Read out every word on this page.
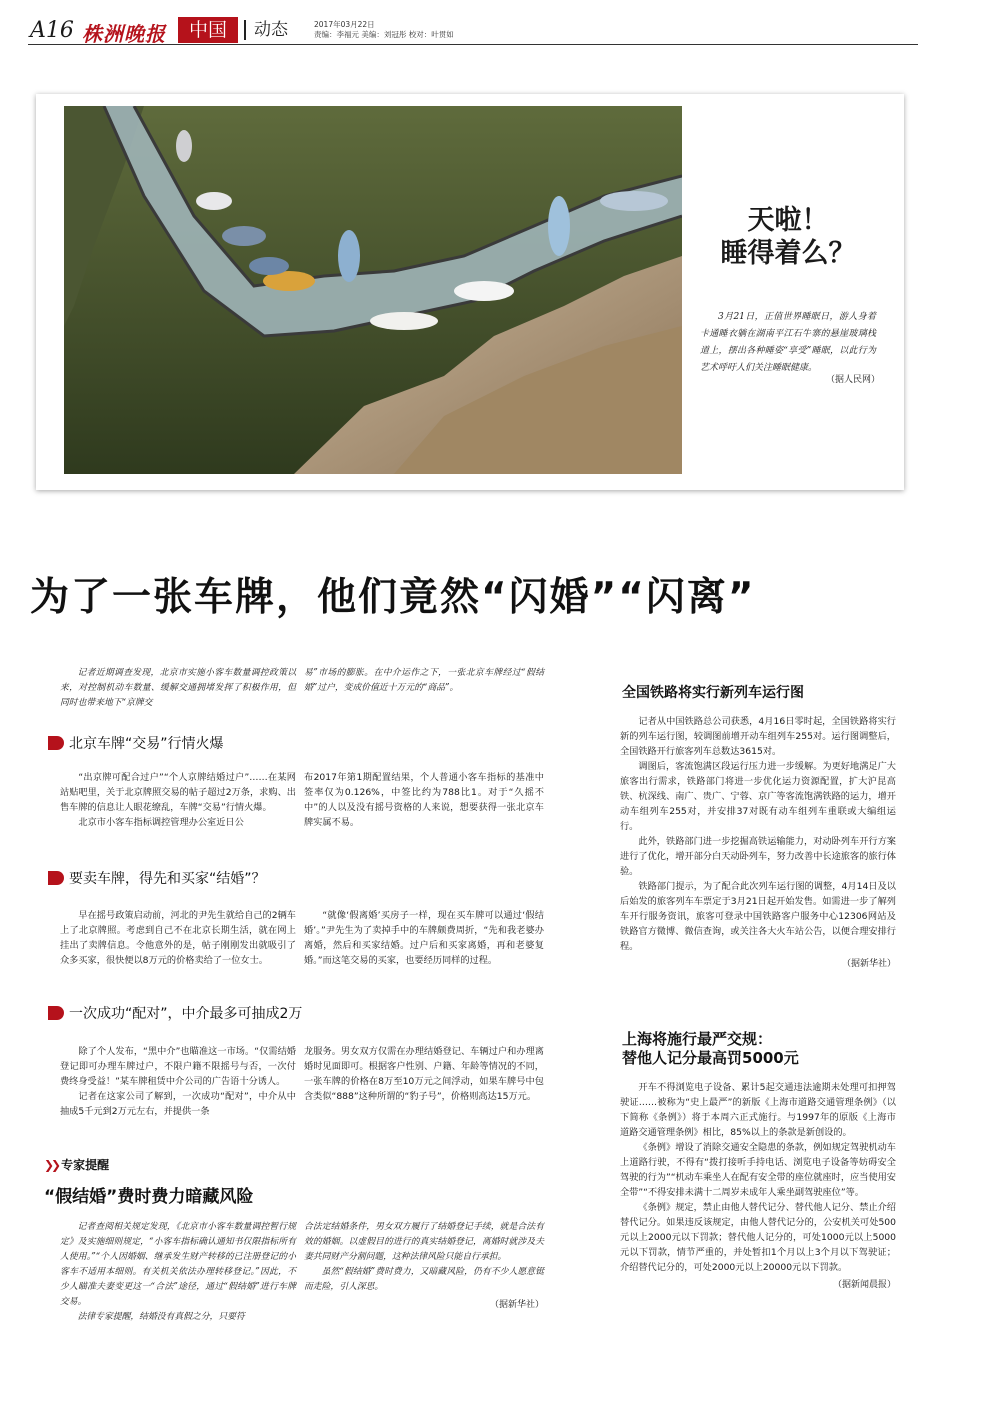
A16 株洲晚报	中国	动态	2017年03月22日
责编：李福元 美编：刘冠彤 校对：叶贯如
天啦！
睡得着么？

3月21日，正值世界睡眠日，游人身着卡通睡衣躺在湖南平江石牛寨的悬崖玻璃栈道上，摆出各种睡姿“享受”睡眠，以此行为艺术呼吁人们关注睡眠健康。

（据人民网）
为了一张车牌，他们竟然“闪婚”“闪离”

记者近期调查发现，北京市实施小客车数量调控政策以来，对控制机动车数量、缓解交通拥堵发挥了积极作用，但同时也带来地下“京牌交

易”市场的膨胀。在中介运作之下，一张北京车牌经过“假结婚”过户，变成价值近十万元的“商品”。

北京车牌“交易”行情火爆

“出京牌可配合过户”“个人京牌结婚过户”……在某网站贴吧里，关于北京牌照交易的帖子超过2万条，求购、出售车牌的信息让人眼花缭乱，车牌“交易”行情火爆。

北京市小客车指标调控管理办公室近日公

布2017年第1期配置结果，个人普通小客车指标的基准中签率仅为0.126%，中签比约为788比1。对于“久摇不中”的人以及没有摇号资格的人来说，想要获得一张北京车牌实属不易。

要卖车牌，得先和买家“结婚”？

早在摇号政策启动前，河北的尹先生就给自己的2辆车上了北京牌照。考虑到自己不在北京长期生活，就在网上挂出了卖牌信息。令他意外的是，帖子刚刚发出就吸引了众多买家，很快便以8万元的价格卖给了一位女士。

“就像‘假离婚’买房子一样，现在买车牌可以通过‘假结婚’。”尹先生为了卖掉手中的车牌颇费周折，“先和我老婆办离婚，然后和买家结婚。过户后和买家离婚，再和老婆复婚。”而这笔交易的买家，也要经历同样的过程。

一次成功“配对”，中介最多可抽成2万

除了个人发布，“黑中介”也瞄准这一市场。“仅需结婚登记即可办理车牌过户，不限户籍不限摇号与否，一次付费终身受益！”某车牌租赁中介公司的广告语十分诱人。

记者在这家公司了解到，一次成功“配对”，中介从中抽成5千元到2万元左右，并提供一条

龙服务。男女双方仅需在办理结婚登记、车辆过户和办理离婚时见面即可。根据客户性别、户籍、年龄等情况的不同，一张车牌的价格在8万至10万元之间浮动，如果车牌号中包含类似“888”这种所谓的“豹子号”，价格则高达15万元。

❯❯ 专家提醒
“假结婚”费时费力暗藏风险

记者查阅相关规定发现，《北京市小客车数量调控暂行规定》及实施细则规定，“小客车指标确认通知书仅限指标所有人使用。”“个人因婚姻、继承发生财产转移的已注册登记的小客车不适用本细则。有关机关依法办理转移登记。”因此，不少人瞄准夫妻变更这一“合法”途径，通过“假结婚”进行车牌交易。

法律专家提醒，结婚没有真假之分，只要符

合法定结婚条件，男女双方履行了结婚登记手续，就是合法有效的婚姻。以虚假目的进行的真实结婚登记，离婚时就涉及夫妻共同财产分割问题，这种法律风险只能自行承担。

虽然“假结婚”费时费力，又暗藏风险，仍有不少人愿意铤而走险，引人深思。

（据新华社）
全国铁路将实行新列车运行图

记者从中国铁路总公司获悉，4月16日零时起，全国铁路将实行新的列车运行图，较调图前增开动车组列车255对。运行图调整后，全国铁路开行旅客列车总数达3615对。

调图后，客流饱满区段运行压力进一步缓解。为更好地满足广大旅客出行需求，铁路部门将进一步优化运力资源配置，扩大沪昆高铁、杭深线、南广、贵广、宁蓉、京广等客流饱满铁路的运力，增开动车组列车255对，并安排37对既有动车组列车重联或大编组运行。

此外，铁路部门进一步挖掘高铁运输能力，对动卧列车开行方案进行了优化，增开部分白天动卧列车，努力改善中长途旅客的旅行体验。

铁路部门提示，为了配合此次列车运行图的调整，4月14日及以后始发的旅客列车车票定于3月21日起开始发售。如需进一步了解列车开行服务资讯，旅客可登录中国铁路客户服务中心12306网站及铁路官方微博、微信查询，或关注各大火车站公告，以便合理安排行程。

（据新华社）
上海将施行最严交规：
替他人记分最高罚5000元

开车不得浏览电子设备、累计5起交通违法逾期未处理可扣押驾驶证……被称为“史上最严”的新版《上海市道路交通管理条例》（以下简称《条例》）将于本周六正式施行。与1997年的原版《上海市道路交通管理条例》相比，85%以上的条款是新创设的。

《条例》增设了消除交通安全隐患的条款，例如规定驾驶机动车上道路行驶，不得有“拨打接听手持电话、浏览电子设备等妨碍安全驾驶的行为”“机动车乘坐人在配有安全带的座位就座时，应当使用安全带”“不得安排未满十二周岁未成年人乘坐副驾驶座位”等。

《条例》规定，禁止由他人替代记分、替代他人记分、禁止介绍替代记分。如果违反该规定，由他人替代记分的，公安机关可处500元以上2000元以下罚款；替代他人记分的，可处1000元以上5000元以下罚款，情节严重的，并处暂扣1个月以上3个月以下驾驶证；介绍替代记分的，可处2000元以上20000元以下罚款。

（据新闻晨报）
